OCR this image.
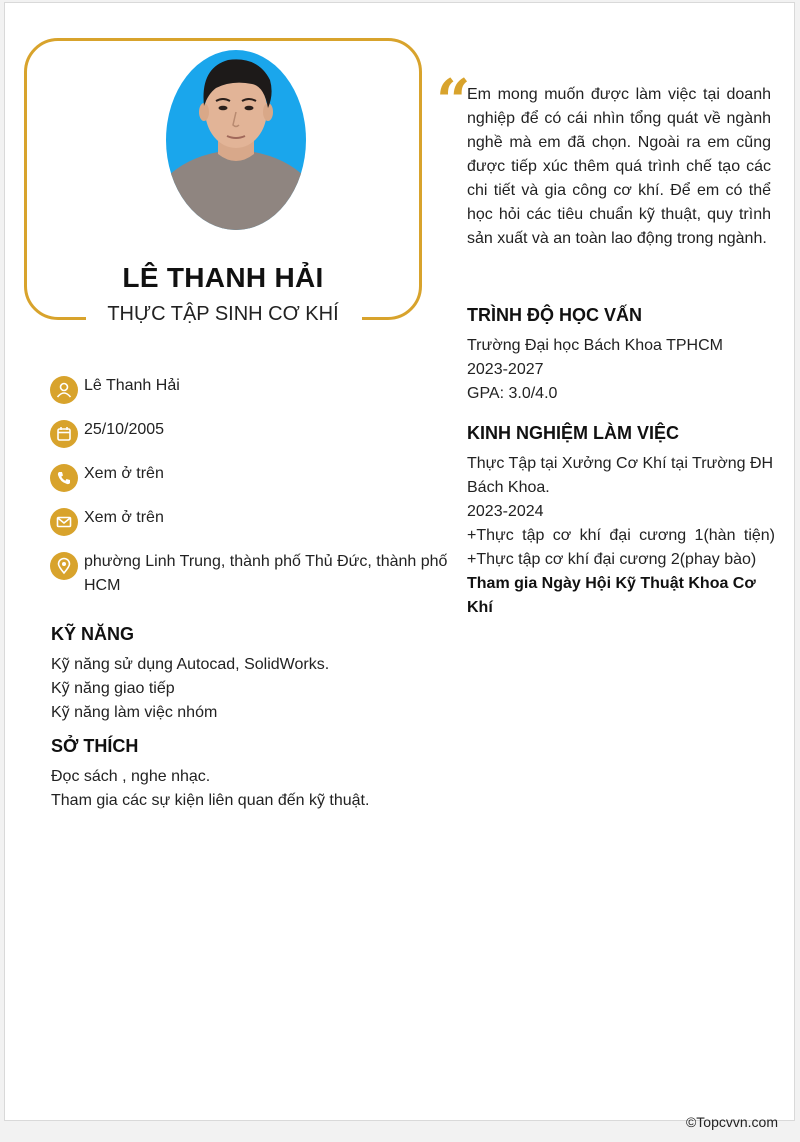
LÊ THANH HẢI
THỰC TẬP SINH CƠ KHÍ
Lê Thanh Hải
25/10/2005
Xem ở trên
Xem ở trên
phường Linh Trung, thành phố Thủ Đức, thành phố HCM
KỸ NĂNG
Kỹ năng sử dụng Autocad, SolidWorks.
Kỹ năng giao tiếp
Kỹ năng làm việc nhóm
SỞ THÍCH
Đọc sách , nghe nhạc.
Tham gia các sự kiện liên quan đến kỹ thuật.
“
Em mong muốn được làm việc tại doanh nghiệp để có cái nhìn tổng quát về ngành nghề mà em đã chọn. Ngoài ra em cũng được tiếp xúc thêm quá trình chế tạo các chi tiết và gia công cơ khí. Để em có thể học hỏi các tiêu chuẩn kỹ thuật, quy trình sản xuất và an toàn lao động trong ngành.
TRÌNH ĐỘ HỌC VẤN
Trường Đại học Bách Khoa TPHCM
2023-2027
GPA: 3.0/4.0
KINH NGHIỆM LÀM VIỆC
Thực Tập tại Xưởng Cơ Khí tại Trường ĐH Bách Khoa.
2023-2024
+Thực tập cơ khí đại cương 1(hàn tiện)
+Thực tập cơ khí đại cương 2(phay bào)
Tham gia Ngày Hội Kỹ Thuật Khoa Cơ Khí
©Topcvvn.com
